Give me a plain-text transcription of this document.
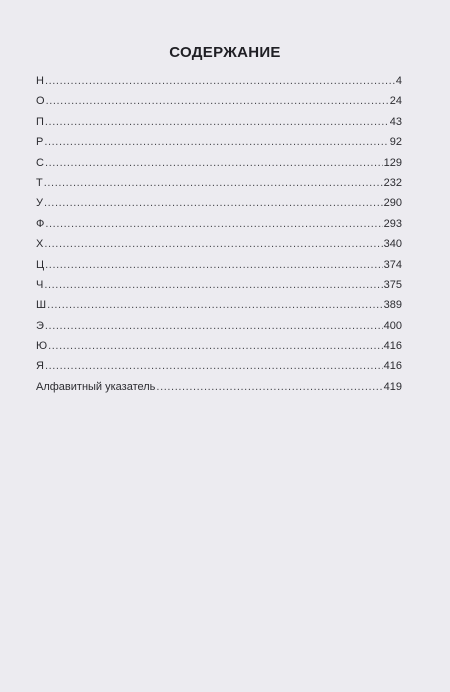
СОДЕРЖАНИЕ
Н .....	4
О .....	24
П .....	43
Р .....	92
С .....	129
Т .....	232
У .....	290
Ф .....	293
Х .....	340
Ц .....	374
Ч .....	375
Ш .....	389
Э .....	400
Ю .....	416
Я .....	416
Алфавитный указатель .....	419
